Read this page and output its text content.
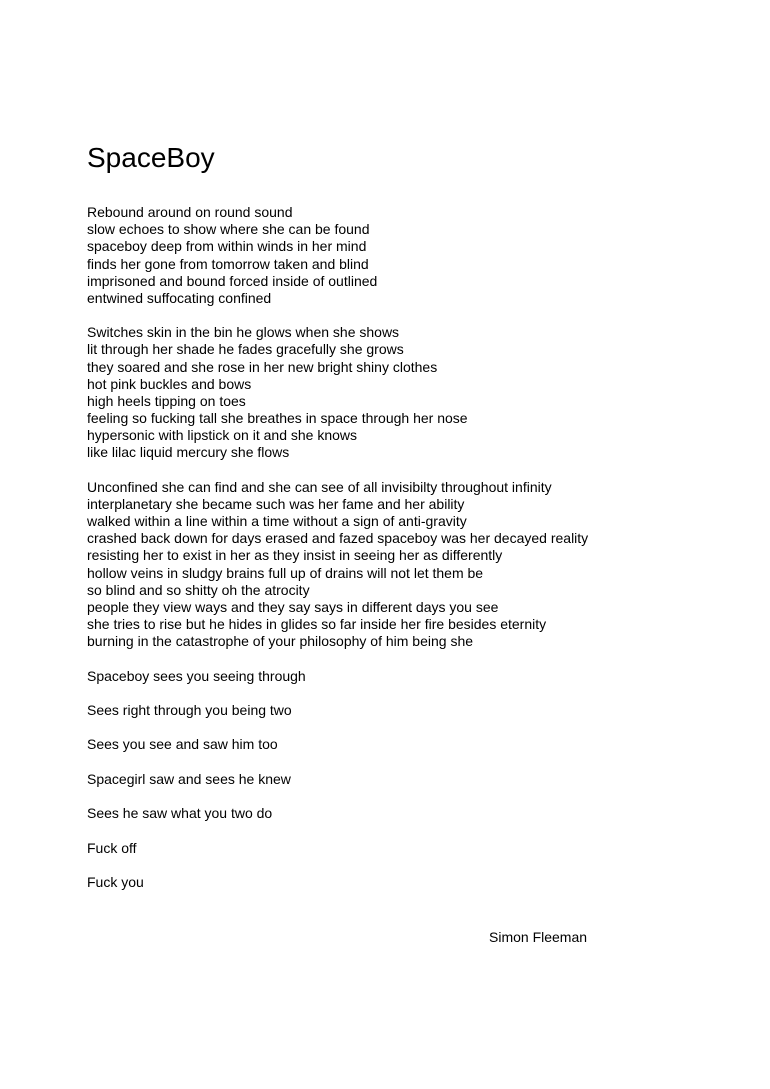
SpaceBoy
Rebound around on round sound
slow echoes to show where she can be found
spaceboy deep from within winds in her mind
finds her gone from tomorrow taken and blind
imprisoned and bound forced inside of outlined
entwined suffocating confined
Switches skin in the bin he glows when she shows
lit through her shade he fades gracefully she grows
they soared and she rose in her new bright shiny clothes
hot pink buckles and bows
high heels tipping on toes
feeling so fucking tall she breathes in space through her nose
hypersonic with lipstick on it and she knows
like lilac liquid mercury she flows
Unconfined she can find and she can see of all invisibilty throughout infinity
interplanetary she became such was her fame and her ability
walked within a line within a time without a sign of anti-gravity
crashed back down for days erased and fazed spaceboy was her decayed reality
resisting her to exist in her as they insist in seeing her as differently
hollow veins in sludgy brains full up of drains will not let them be
so blind and so shitty oh the atrocity
people they view ways and they say says in different days you see
she tries to rise but he hides in glides so far inside her fire besides eternity
burning in the catastrophe of your philosophy of him being she
Spaceboy sees you seeing through
Sees right through you being two
Sees you see and saw him too
Spacegirl saw and sees he knew
Sees he saw what you two do
Fuck off
Fuck you
Simon Fleeman
